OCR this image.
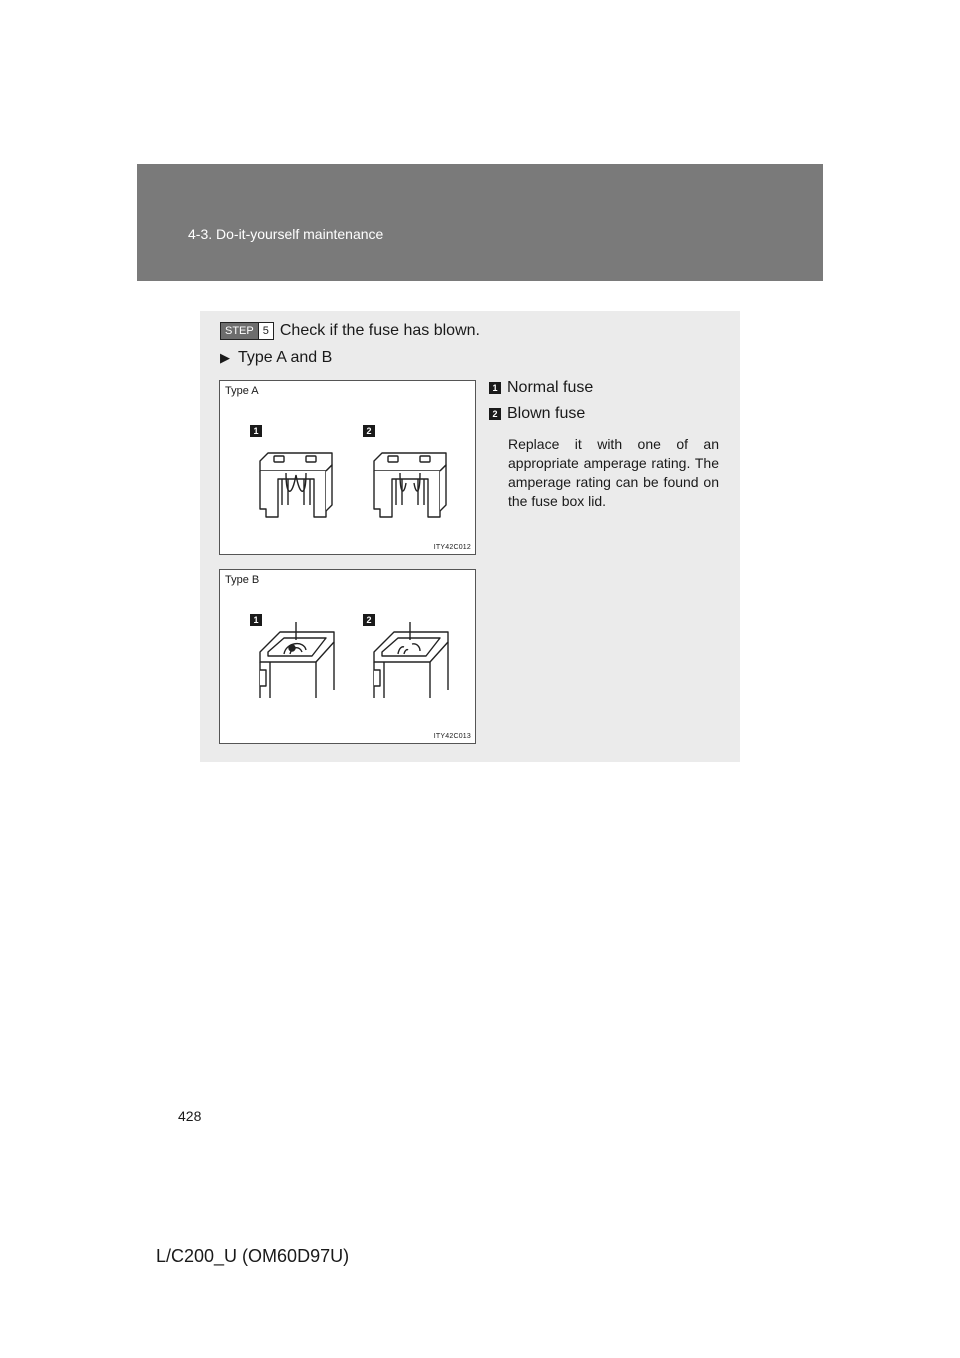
4-3. Do-it-yourself maintenance
STEP 5 Check if the fuse has blown.
▶ Type A and B
Type A
1	2
ITY42C012
Type B
1	2
ITY42C013
1 Normal fuse
2 Blown fuse
Replace it with one of an appropriate amperage rating. The amperage rating can be found on the fuse box lid.
428
L/C200_U (OM60D97U)
